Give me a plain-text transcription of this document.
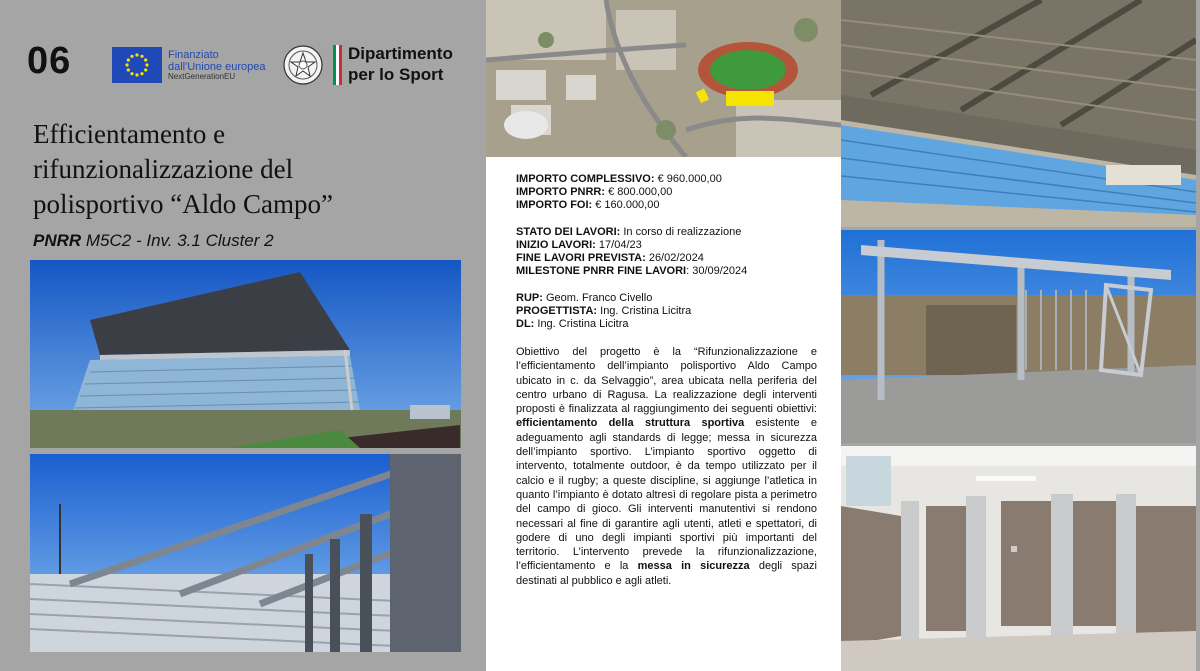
06	Finanziato
dall'Unione europea
NextGenerationEU
Dipartimento
per lo Sport
Efficientamento e
rifunzionalizzazione del
polisportivo “Aldo Campo”
PNRR M5C2 - Inv. 3.1 Cluster 2
IMPORTO COMPLESSIVO: € 960.000,00
IMPORTO PNRR: € 800.000,00
IMPORTO FOI: € 160.000,00
STATO DEI LAVORI: In corso di realizzazione
INIZIO LAVORI: 17/04/23
FINE LAVORI PREVISTA: 26/02/2024
MILESTONE PNRR FINE LAVORI: 30/09/2024
RUP: Geom. Franco Civello
PROGETTISTA: Ing. Cristina Licitra
DL: Ing. Cristina Licitra
Obiettivo del progetto è la “Rifunzionalizzazione e l’efficientamento dell’impianto polisportivo Aldo Campo ubicato in c. da Selvaggio”, area ubicata nella periferia del centro urbano di Ragusa. La realizzazione degli interventi proposti è finalizzata al raggiungimento dei seguenti obiettivi: efficientamento della struttura sportiva esistente e adeguamento agli standards di legge; messa in sicurezza dell’impianto sportivo. L’impianto sportivo oggetto di intervento, totalmente outdoor, è da tempo utilizzato per il calcio e il rugby; a queste discipline, si aggiunge l’atletica in quanto l’impianto è dotato altresì di regolare pista a perimetro del campo di gioco. Gli interventi manutentivi si rendono necessari al fine di garantire agli utenti, atleti e spettatori, di godere di uno degli impianti sportivi più importanti del territorio. L’intervento prevede la rifunzionalizzazione, l’efficientamento e la messa in sicurezza degli spazi destinati al pubblico e agli atleti.
